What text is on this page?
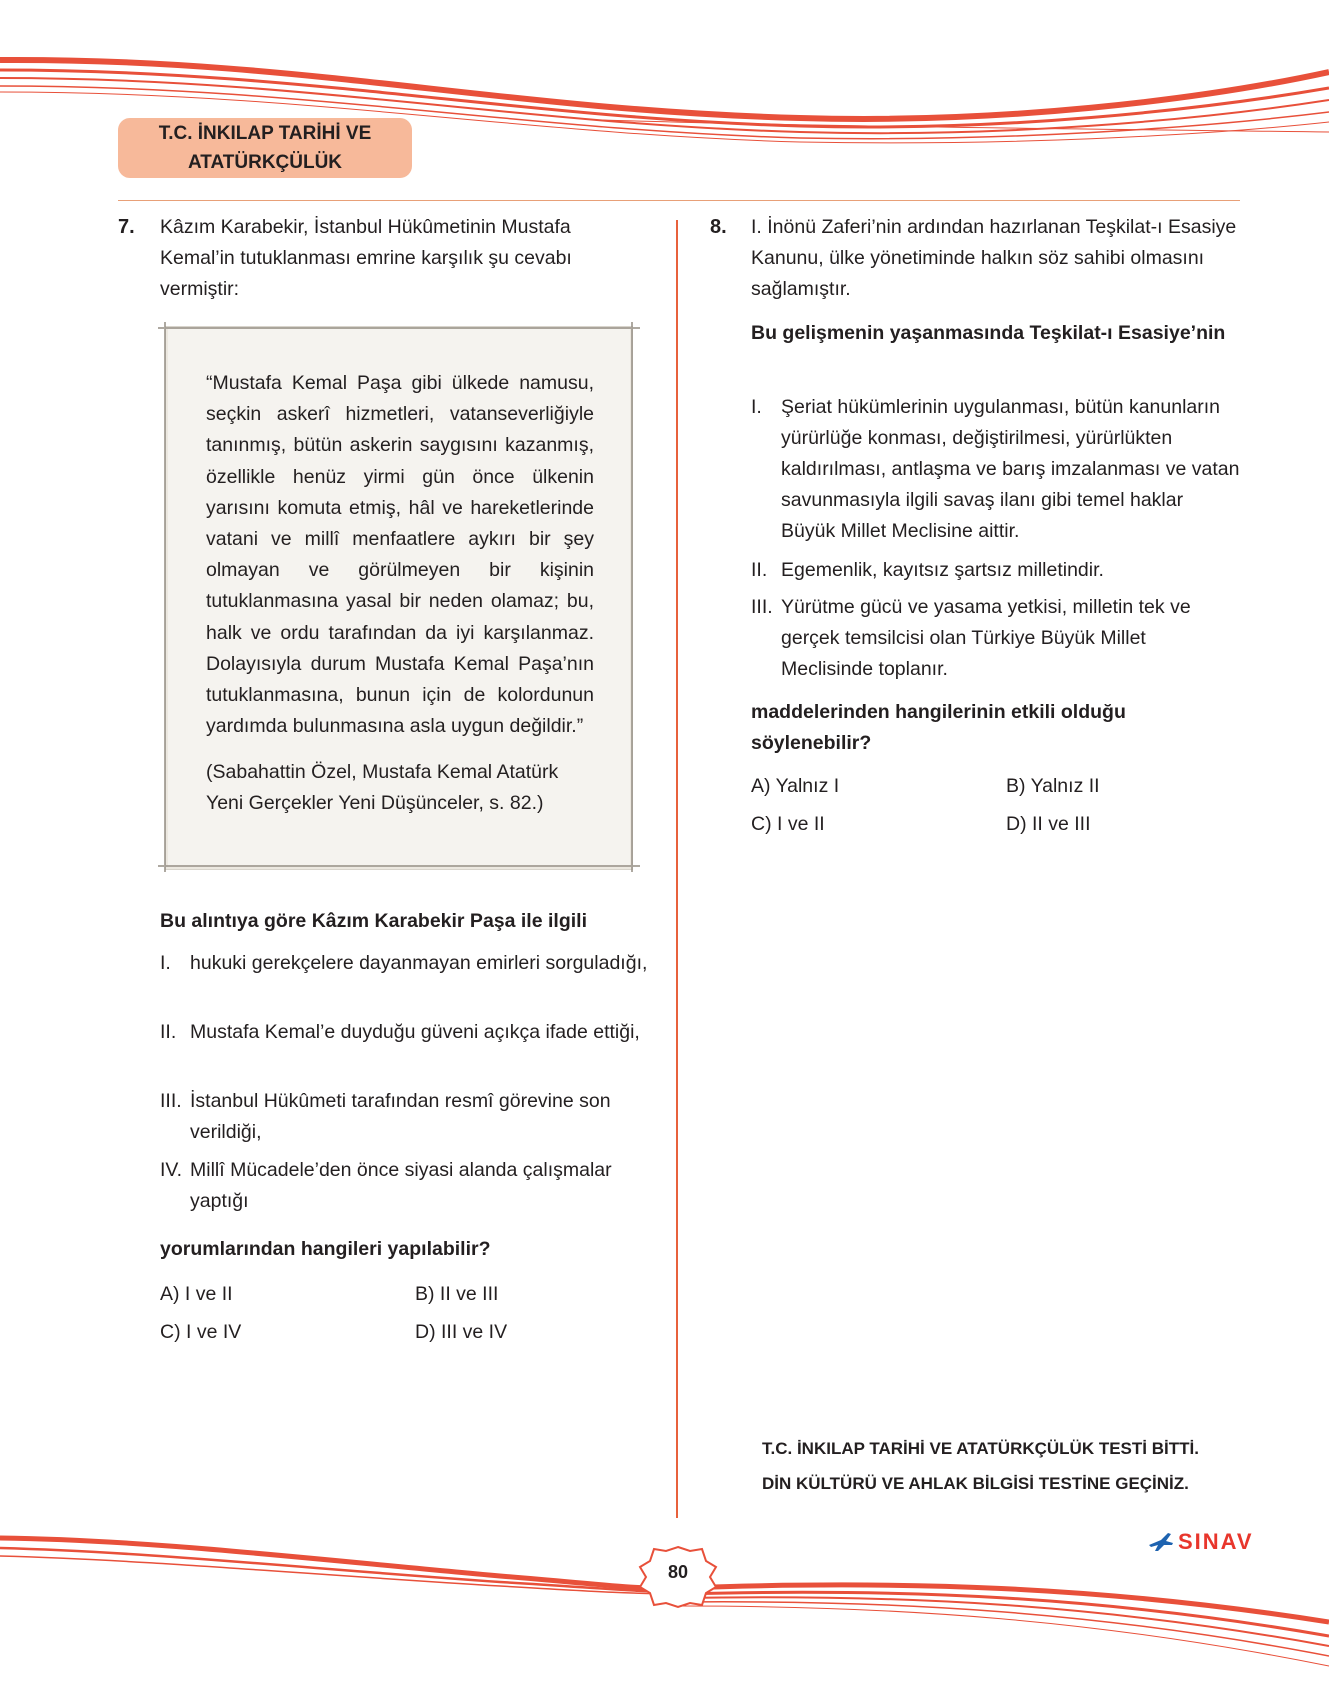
T.C. İNKILAP TARİHİ VE ATATÜRKÇÜLÜK
7. Kâzım Karabekir, İstanbul Hükûmetinin Mustafa Kemal’in tutuklanması emrine karşılık şu cevabı vermiştir:
“Mustafa Kemal Paşa gibi ülkede namusu, seçkin askerî hizmetleri, vatanseverliğiyle tanınmış, bütün askerin saygısını kazanmış, özellikle henüz yirmi gün önce ülkenin yarısını komuta etmiş, hâl ve hareketlerinde vatani ve millî menfaatlere aykırı bir şey olmayan ve görülmeyen bir kişinin tutuklanmasına yasal bir neden olamaz; bu, halk ve ordu tarafından da iyi karşılanmaz. Dolayısıyla durum Mustafa Kemal Paşa’nın tutuklanmasına, bunun için de kolordunun yardımda bulunmasına asla uygun değildir.”
(Sabahattin Özel, Mustafa Kemal Atatürk Yeni Gerçekler Yeni Düşünceler, s. 82.)
Bu alıntıya göre Kâzım Karabekir Paşa ile ilgili
I. hukuki gerekçelere dayanmayan emirleri sorguladığı,
II. Mustafa Kemal’e duyduğu güveni açıkça ifade ettiği,
III. İstanbul Hükûmeti tarafından resmî görevine son verildiği,
IV. Millî Mücadele’den önce siyasi alanda çalışmalar yaptığı
yorumlarından hangileri yapılabilir?
A) I ve II	B) II ve III
C) I ve IV	D) III ve IV
8. I. İnönü Zaferi’nin ardından hazırlanan Teşkilat-ı Esasiye Kanunu, ülke yönetiminde halkın söz sahibi olmasını sağlamıştır.
Bu gelişmenin yaşanmasında Teşkilat-ı Esasiye’nin
I. Şeriat hükümlerinin uygulanması, bütün kanunların yürürlüğe konması, değiştirilmesi, yürürlükten kaldırılması, antlaşma ve barış imzalanması ve vatan savunmasıyla ilgili savaş ilanı gibi temel haklar Büyük Millet Meclisine aittir.
II. Egemenlik, kayıtsız şartsız milletindir.
III. Yürütme gücü ve yasama yetkisi, milletin tek ve gerçek temsilcisi olan Türkiye Büyük Millet Meclisinde toplanır.
maddelerinden hangilerinin etkili olduğu söylenebilir?
A) Yalnız I	B) Yalnız II
C) I ve II	D) II ve III
T.C. İNKILAP TARİHİ VE ATATÜRKÇÜLÜK TESTİ BİTTİ.
DİN KÜLTÜRÜ VE AHLAK BİLGİSİ TESTİNE GEÇİNİZ.
SINAV
80
